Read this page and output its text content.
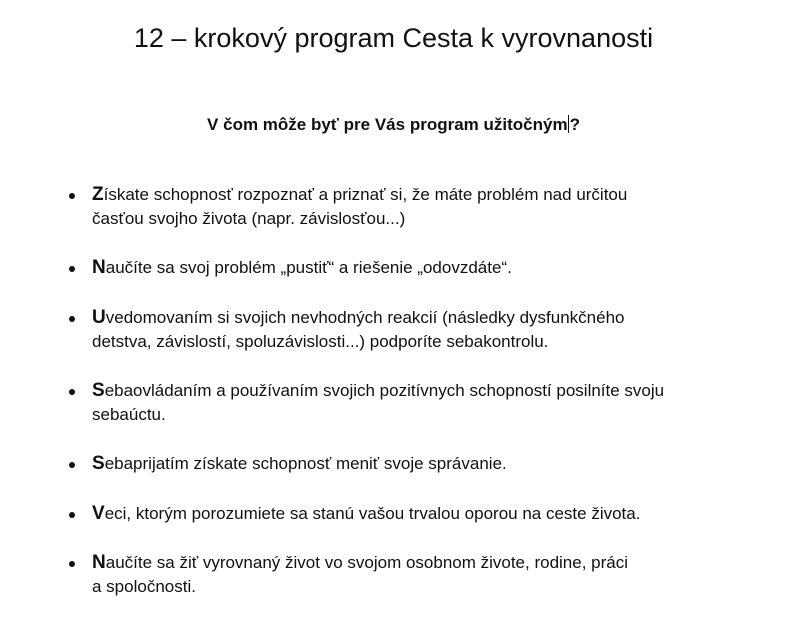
12 – krokový program Cesta k vyrovnanosti
V čom môže byť pre Vás program užitočným ?
Získate schopnosť rozpoznať a priznať si, že máte problém nad určitou
časťou svojho života (napr. závislosťou...)
Naučíte sa svoj problém „pustiť“ a riešenie „odovzdáte“.
Uvedomovaním si svojich nevhodných reakcií (následky dysfunkčného
detstva, závislostí, spoluzávislosti...) podporíte sebakontrolu.
Sebaovládaním a používaním svojich pozitívnych schopností posilníte svoju
sebaúctu.
Sebaprijatím získate schopnosť meniť svoje správanie.
Veci, ktorým porozumiete sa stanú vašou trvalou oporou na ceste života.
Naučíte sa žiť vyrovnaný život vo svojom osobnom živote, rodine, práci
a spoločnosti.
